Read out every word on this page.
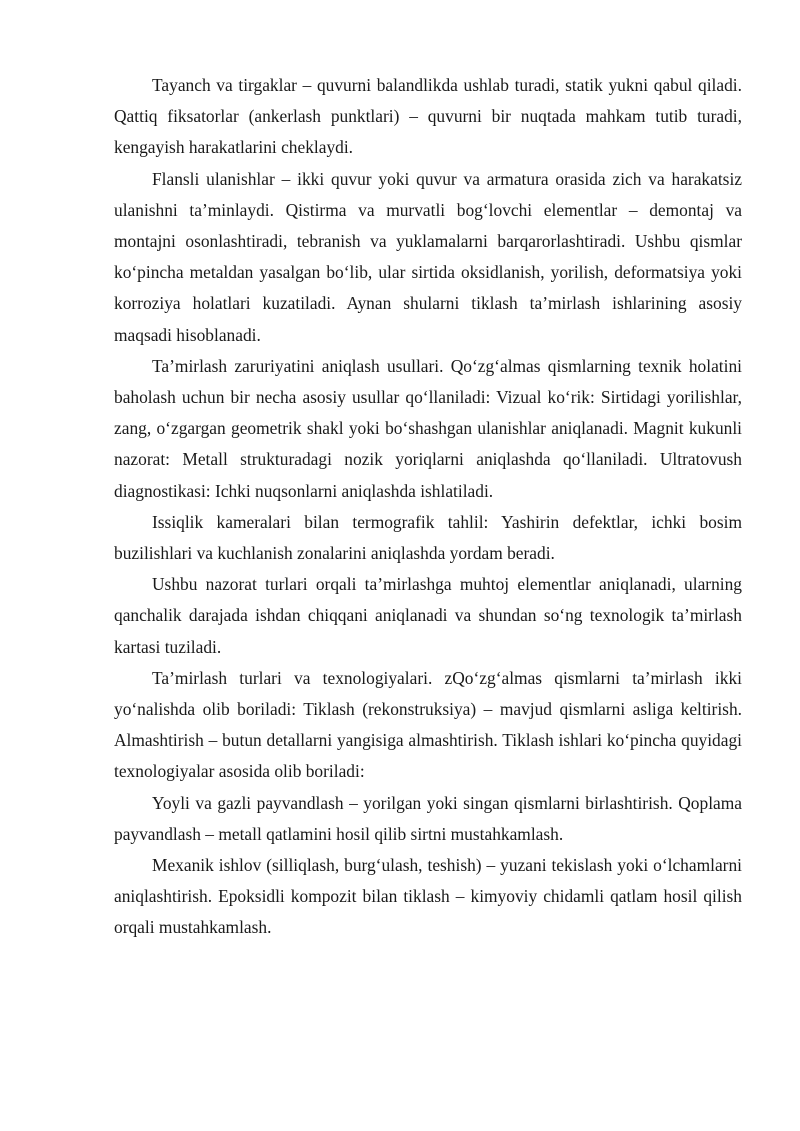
Tayanch va tirgaklar – quvurni balandlikda ushlab turadi, statik yukni qabul qiladi. Qattiq fiksatorlar (ankerlash punktlari) – quvurni bir nuqtada mahkam tutib turadi, kengayish harakatlarini cheklaydi.

Flansli ulanishlar – ikki quvur yoki quvur va armatura orasida zich va harakatsiz ulanishni ta’minlaydi. Qistirma va murvatli bog‘lovchi elementlar – demontaj va montajni osonlashtiradi, tebranish va yuklamalarni barqarorlashtiradi. Ushbu qismlar ko‘pincha metaldan yasalgan bo‘lib, ular sirtida oksidlanish, yorilish, deformatsiya yoki korroziya holatlari kuzatiladi. Aynan shularni tiklash ta’mirlash ishlarining asosiy maqsadi hisoblanadi.

Ta’mirlash zaruriyatini aniqlash usullari. Qo‘zg‘almas qismlarning texnik holatini baholash uchun bir necha asosiy usullar qo‘llaniladi: Vizual ko‘rik: Sirtidagi yorilishlar, zang, o‘zgargan geometrik shakl yoki bo‘shashgan ulanishlar aniqlanadi. Magnit kukunli nazorat: Metall strukturadagi nozik yoriqlarni aniqlashda qo‘llaniladi. Ultratovush diagnostikasi: Ichki nuqsonlarni aniqlashda ishlatiladi.

Issiqlik kameralari bilan termografik tahlil: Yashirin defektlar, ichki bosim buzilishlari va kuchlanish zonalarini aniqlashda yordam beradi.

Ushbu nazorat turlari orqali ta’mirlashga muhtoj elementlar aniqlanadi, ularning qanchalik darajada ishdan chiqqani aniqlanadi va shundan so‘ng texnologik ta’mirlash kartasi tuziladi.

Ta’mirlash turlari va texnologiyalari. zQo‘zg‘almas qismlarni ta’mirlash ikki yo‘nalishda olib boriladi: Tiklash (rekonstruksiya) – mavjud qismlarni asliga keltirish. Almashtirish – butun detallarni yangisiga almashtirish. Tiklash ishlari ko‘pincha quyidagi texnologiyalar asosida olib boriladi:

Yoyli va gazli payvandlash – yorilgan yoki singan qismlarni birlashtirish. Qoplama payvandlash – metall qatlamini hosil qilib sirtni mustahkamlash.

Mexanik ishlov (silliqlash, burg‘ulash, teshish) – yuzani tekislash yoki o‘lchamlarni aniqlashtirish. Epoksidli kompozit bilan tiklash – kimyoviy chidamli qatlam hosil qilish orqali mustahkamlash.
